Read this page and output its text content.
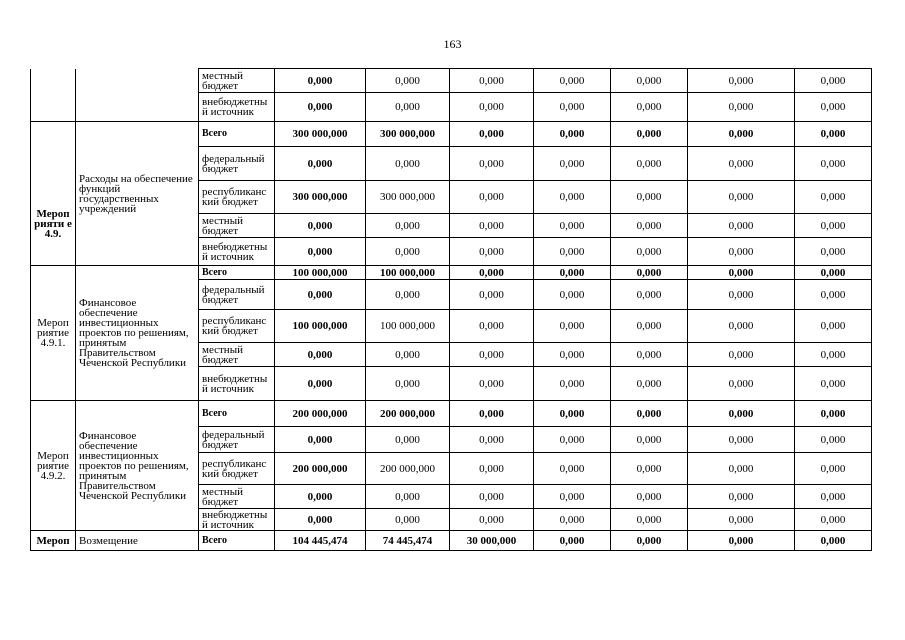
163
		местный бюджет	0,000	0,000	0,000	0,000	0,000	0,000	0,000	
		внебюджетны й источник	0,000	0,000	0,000	0,000	0,000	0,000	0,000	
Мероп рияти е 4.9.	Расходы на обеспечение функций государственных учреждений	Всего	300 000,000	300 000,000	0,000	0,000	0,000	0,000	0,000	
		федеральный бюджет	0,000	0,000	0,000	0,000	0,000	0,000	0,000	
		республиканс кий бюджет	300 000,000	300 000,000	0,000	0,000	0,000	0,000	0,000	
		местный бюджет	0,000	0,000	0,000	0,000	0,000	0,000	0,000	
		внебюджетны й источник	0,000	0,000	0,000	0,000	0,000	0,000	0,000	
Мероп риятие 4.9.1.	Финансовое обеспечение инвестиционных проектов по решениям, принятым Правительством Чеченской Республики	Всего	100 000,000	100 000,000	0,000	0,000	0,000	0,000	0,000	
		федеральный бюджет	0,000	0,000	0,000	0,000	0,000	0,000	0,000	
		республиканс кий бюджет	100 000,000	100 000,000	0,000	0,000	0,000	0,000	0,000	
		местный бюджет	0,000	0,000	0,000	0,000	0,000	0,000	0,000	
		внебюджетны й источник	0,000	0,000	0,000	0,000	0,000	0,000	0,000	
Мероп риятие 4.9.2.	Финансовое обеспечение инвестиционных проектов по решениям, принятым Правительством Чеченской Республики	Всего	200 000,000	200 000,000	0,000	0,000	0,000	0,000	0,000	
		федеральный бюджет	0,000	0,000	0,000	0,000	0,000	0,000	0,000	
		республиканс кий бюджет	200 000,000	200 000,000	0,000	0,000	0,000	0,000	0,000	
		местный бюджет	0,000	0,000	0,000	0,000	0,000	0,000	0,000	
		внебюджетны й источник	0,000	0,000	0,000	0,000	0,000	0,000	0,000	
Мероп	Возмещение	Всего	104 445,474	74 445,474	30 000,000	0,000	0,000	0,000	0,000	
